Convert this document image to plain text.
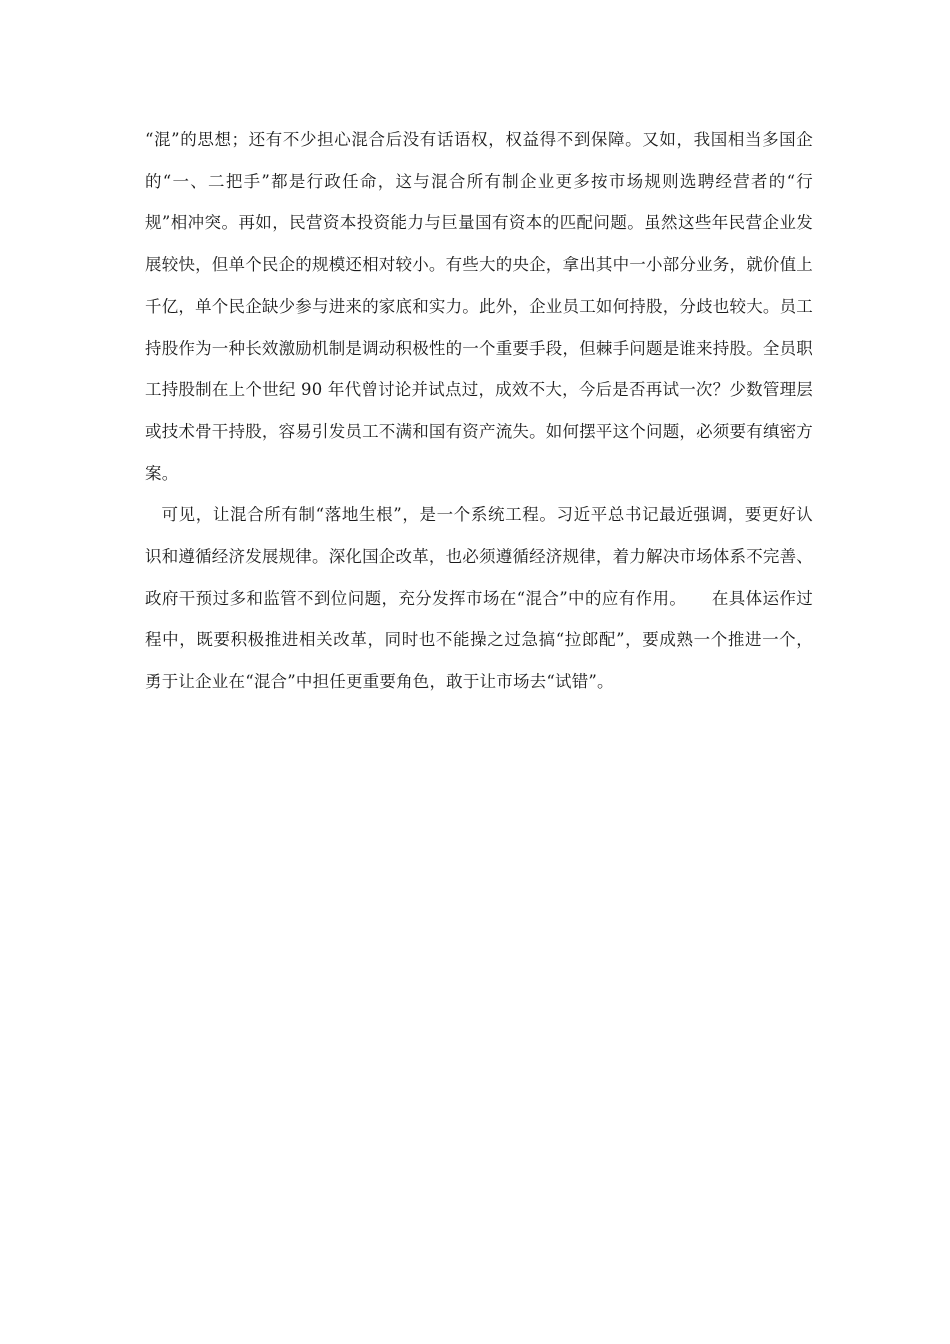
“混”的思想；还有不少担心混合后没有话语权，权益得不到保障。又如，我国相当多国企的“一、二把手”都是行政任命，这与混合所有制企业更多按市场规则选聘经营者的“行规”相冲突。再如，民营资本投资能力与巨量国有资本的匹配问题。虽然这些年民营企业发展较快，但单个民企的规模还相对较小。有些大的央企，拿出其中一小部分业务，就价值上千亿，单个民企缺少参与进来的家底和实力。此外，企业员工如何持股，分歧也较大。员工持股作为一种长效激励机制是调动积极性的一个重要手段，但棘手问题是谁来持股。全员职工持股制在上个世纪 90 年代曾讨论并试点过，成效不大，今后是否再试一次？少数管理层或技术骨干持股，容易引发员工不满和国有资产流失。如何摆平这个问题，必须要有缜密方案。

可见，让混合所有制“落地生根”，是一个系统工程。习近平总书记最近强调，要更好认识和遵循经济发展规律。深化国企改革，也必须遵循经济规律，着力解决市场体系不完善、政府干预过多和监管不到位问题，充分发挥市场在“混合”中的应有作用。　　在具体运作过程中，既要积极推进相关改革，同时也不能操之过急搞“拉郎配”，要成熟一个推进一个，勇于让企业在“混合”中担任更重要角色，敢于让市场去“试错”。
